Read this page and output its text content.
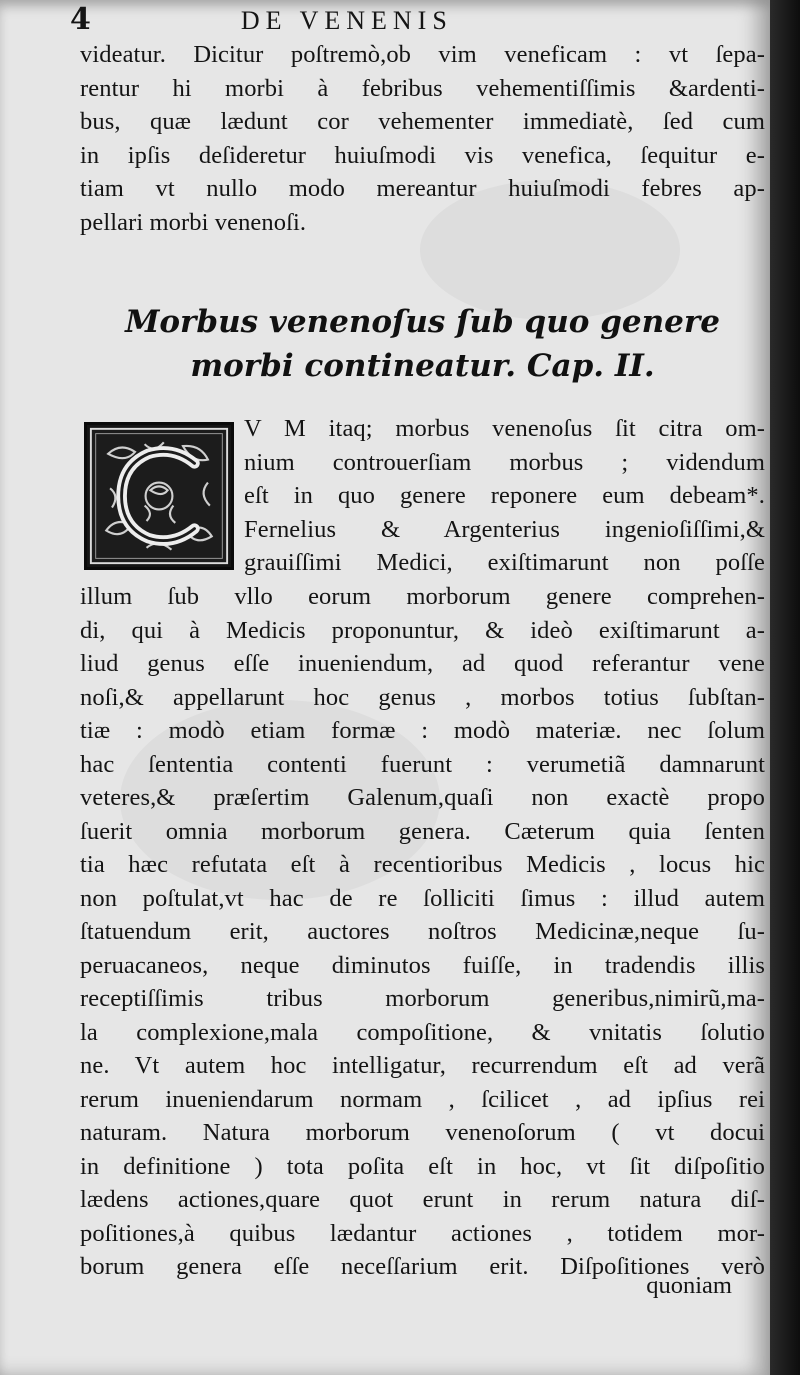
4	DE VENENIS
videatur. Dicitur poſtremò,ob vim veneficam : vt ſepa-
rentur hi morbi à febribus vehementiſſimis &ardenti-
bus, quæ lædunt cor vehementer immediatè, ſed cum
in ipſis deſideretur huiuſmodi vis venefica, ſequitur e-
tiam vt nullo modo mereantur huiuſmodi febres ap-
pellari morbi venenoſi.
Morbus venenoſus ſub quo genere
morbi contineatur. Cap. II.
V M itaq; morbus venenoſus ſit citra om-
nium controuerſiam morbus ; videndum
eſt in quo genere reponere eum debeam*.
Fernelius & Argenterius ingenioſiſſimi,&
grauiſſimi Medici, exiſtimarunt non poſſe
illum ſub vllo eorum morborum genere comprehen-
di, qui à Medicis proponuntur, & ideò exiſtimarunt a-
liud genus eſſe inueniendum, ad quod referantur vene
noſi,& appellarunt hoc genus , morbos totius ſubſtan-
tiæ : modò etiam formæ : modò materiæ. nec ſolum
hac ſententia contenti fuerunt : verumetiã damnarunt
veteres,& præſertim Galenum,quaſi non exactè propo
ſuerit omnia morborum genera. Cæterum quia ſenten
tia hæc refutata eſt à recentioribus Medicis , locus hic
non poſtulat,vt hac de re ſolliciti ſimus : illud autem
ſtatuendum erit, auctores noſtros Medicinæ,neque ſu-
peruacaneos, neque diminutos fuiſſe, in tradendis illis
receptiſſimis tribus morborum generibus,nimirũ,ma-
la complexione,mala compoſitione, & vnitatis ſolutio
ne. Vt autem hoc intelligatur, recurrendum eſt ad verã
rerum inueniendarum normam , ſcilicet , ad ipſius rei
naturam. Natura morborum venenoſorum ( vt docui
in definitione ) tota poſita eſt in hoc, vt ſit diſpoſitio
lædens actiones,quare quot erunt in rerum natura diſ-
poſitiones,à quibus lædantur actiones , totidem mor-
borum genera eſſe neceſſarium erit. Diſpoſitiones verò
quoniam
